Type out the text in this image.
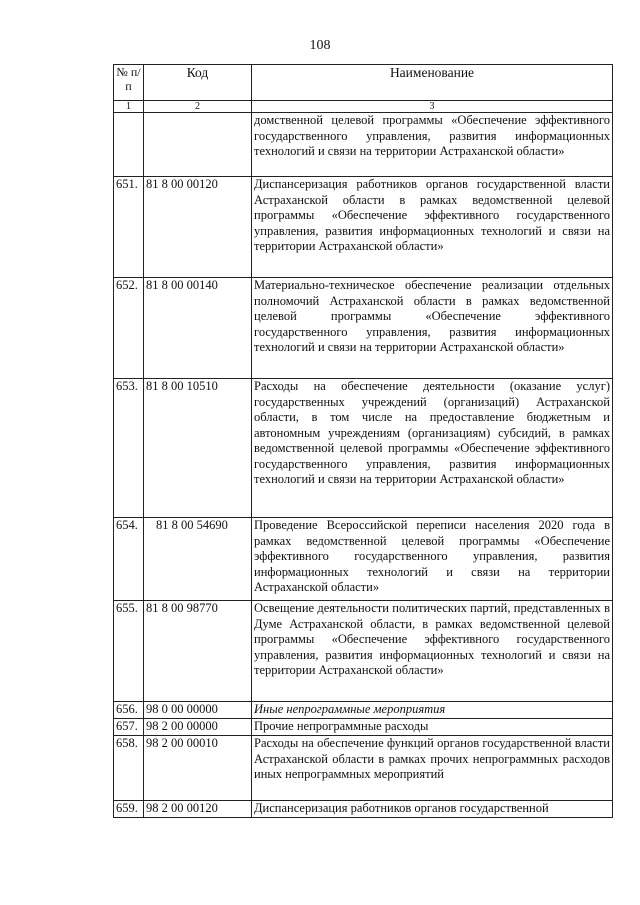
108
№ п/п	Код	Наименование
1	2	3
		домственной целевой программы «Обеспечение эффективного государственного управления, развития информационных технологий и связи на территории Астраханской области»
651.	81 8 00 00120	Диспансеризация работников органов государственной власти Астраханской области в рамках ведомственной целевой программы «Обеспечение эффективного государственного управления, развития информационных технологий и связи на территории Астраханской области»
652.	81 8 00 00140	Материально-техническое обеспечение реализации отдельных полномочий Астраханской области в рамках ведомственной целевой программы «Обеспечение эффективного государственного управления, развития информационных технологий и связи на территории Астраханской области»
653.	81 8 00 10510	Расходы на обеспечение деятельности (оказание услуг) государственных учреждений (организаций) Астраханской области, в том числе на предоставление бюджетным и автономным учреждениям (организациям) субсидий, в рамках ведомственной целевой программы «Обеспечение эффективного государственного управления, развития информационных технологий и связи на территории Астраханской области»
654.	81 8 00 54690	Проведение Всероссийской переписи населения 2020 года в рамках ведомственной целевой программы «Обеспечение эффективного государственного управления, развития информационных технологий и связи на территории Астраханской области»
655.	81 8 00 98770	Освещение деятельности политических партий, представленных в Думе Астраханской области, в рамках ведомственной целевой программы «Обеспечение эффективного государственного управления, развития информационных технологий и связи на территории Астраханской области»
656.	98 0 00 00000	Иные непрограммные мероприятия
657.	98 2 00 00000	Прочие непрограммные расходы
658.	98 2 00 00010	Расходы на обеспечение функций органов государственной власти Астраханской области в рамках прочих непрограммных расходов иных непрограммных мероприятий
659.	98 2 00 00120	Диспансеризация работников органов государственной
